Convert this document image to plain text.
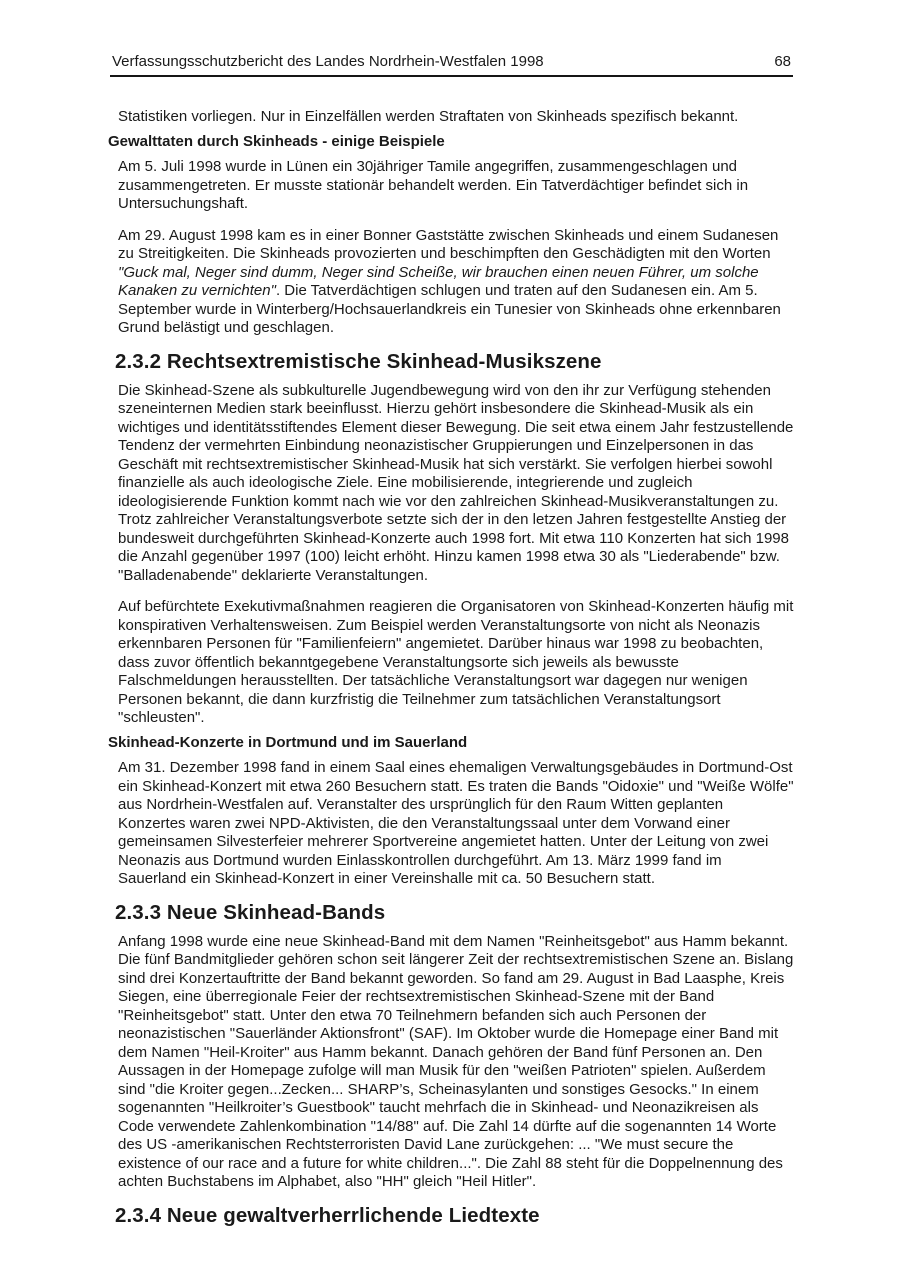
Verfassungsschutzbericht des Landes Nordrhein-Westfalen 1998	68

Statistiken vorliegen. Nur in Einzelfällen werden Straftaten von Skinheads spezifisch bekannt.

Gewalttaten durch Skinheads - einige Beispiele

Am 5. Juli 1998 wurde in Lünen ein 30jähriger Tamile angegriffen, zusammengeschlagen und zusammengetreten. Er musste stationär behandelt werden. Ein Tatverdächtiger befindet sich in Untersuchungshaft.

Am 29. August 1998 kam es in einer Bonner Gaststätte zwischen Skinheads und einem Sudanesen zu Streitigkeiten. Die Skinheads provozierten und beschimpften den Geschädigten mit den Worten "Guck mal, Neger sind dumm, Neger sind Scheiße, wir brauchen einen neuen Führer, um solche Kanaken zu vernichten". Die Tatverdächtigen schlugen und traten auf den Sudanesen ein. Am 5. September wurde in Winterberg/Hochsauerlandkreis ein Tunesier von Skinheads ohne erkennbaren Grund belästigt und geschlagen.

2.3.2 Rechtsextremistische Skinhead-Musikszene

Die Skinhead-Szene als subkulturelle Jugendbewegung wird von den ihr zur Verfügung stehenden szeneinternen Medien stark beeinflusst. Hierzu gehört insbesondere die Skinhead-Musik als ein wichtiges und identitätsstiftendes Element dieser Bewegung. Die seit etwa einem Jahr festzustellende Tendenz der vermehrten Einbindung neonazistischer Gruppierungen und Einzelpersonen in das Geschäft mit rechtsextremistischer Skinhead-Musik hat sich verstärkt. Sie verfolgen hierbei sowohl finanzielle als auch ideologische Ziele. Eine mobilisierende, integrierende und zugleich ideologisierende Funktion kommt nach wie vor den zahlreichen Skinhead-Musikveranstaltungen zu. Trotz zahlreicher Veranstaltungsverbote setzte sich der in den letzen Jahren festgestellte Anstieg der bundesweit durchgeführten Skinhead-Konzerte auch 1998 fort. Mit etwa 110 Konzerten hat sich 1998 die Anzahl gegenüber 1997 (100) leicht erhöht. Hinzu kamen 1998 etwa 30 als "Liederabende" bzw. "Balladenabende" deklarierte Veranstaltungen.

Auf befürchtete Exekutivmaßnahmen reagieren die Organisatoren von Skinhead-Konzerten häufig mit konspirativen Verhaltensweisen. Zum Beispiel werden Veranstaltungsorte von nicht als Neonazis erkennbaren Personen für "Familienfeiern" angemietet. Darüber hinaus war 1998 zu beobachten, dass zuvor öffentlich bekanntgegebene Veranstaltungsorte sich jeweils als bewusste Falschmeldungen herausstellten. Der tatsächliche Veranstaltungsort war dagegen nur wenigen Personen bekannt, die dann kurzfristig die Teilnehmer zum tatsächlichen Veranstaltungsort "schleusten".

Skinhead-Konzerte in Dortmund und im Sauerland

Am 31. Dezember 1998 fand in einem Saal eines ehemaligen Verwaltungsgebäudes in Dortmund-Ost ein Skinhead-Konzert mit etwa 260 Besuchern statt. Es traten die Bands "Oidoxie" und "Weiße Wölfe" aus Nordrhein-Westfalen auf. Veranstalter des ursprünglich für den Raum Witten geplanten Konzertes waren zwei NPD-Aktivisten, die den Veranstaltungssaal unter dem Vorwand einer gemeinsamen Silvesterfeier mehrerer Sportvereine angemietet hatten. Unter der Leitung von zwei Neonazis aus Dortmund wurden Einlasskontrollen durchgeführt. Am 13. März 1999 fand im Sauerland ein Skinhead-Konzert in einer Vereinshalle mit ca. 50 Besuchern statt.

2.3.3 Neue Skinhead-Bands

Anfang 1998 wurde eine neue Skinhead-Band mit dem Namen "Reinheitsgebot" aus Hamm bekannt. Die fünf Bandmitglieder gehören schon seit längerer Zeit der rechtsextremistischen Szene an. Bislang sind drei Konzertauftritte der Band bekannt geworden. So fand am 29. August in Bad Laasphe, Kreis Siegen, eine überregionale Feier der rechtsextremistischen Skinhead-Szene mit der Band "Reinheitsgebot" statt. Unter den etwa 70 Teilnehmern befanden sich auch Personen der neonazistischen "Sauerländer Aktionsfront" (SAF). Im Oktober wurde die Homepage einer Band mit dem Namen "Heil-Kroiter" aus Hamm bekannt. Danach gehören der Band fünf Personen an. Den Aussagen in der Homepage zufolge will man Musik für den "weißen Patrioten" spielen. Außerdem sind "die Kroiter gegen...Zecken... SHARP’s, Scheinasylanten und sonstiges Gesocks." In einem sogenannten "Heilkroiter’s Guestbook" taucht mehrfach die in Skinhead- und Neonazikreisen als Code verwendete Zahlenkombination "14/88" auf. Die Zahl 14 dürfte auf die sogenannten 14 Worte des US -amerikanischen Rechtsterroristen David Lane zurückgehen: ... "We must secure the existence of our race and a future for white children...". Die Zahl 88 steht für die Doppelnennung des achten Buchstabens im Alphabet, also "HH" gleich "Heil Hitler".

2.3.4 Neue gewaltverherrlichende Liedtexte
